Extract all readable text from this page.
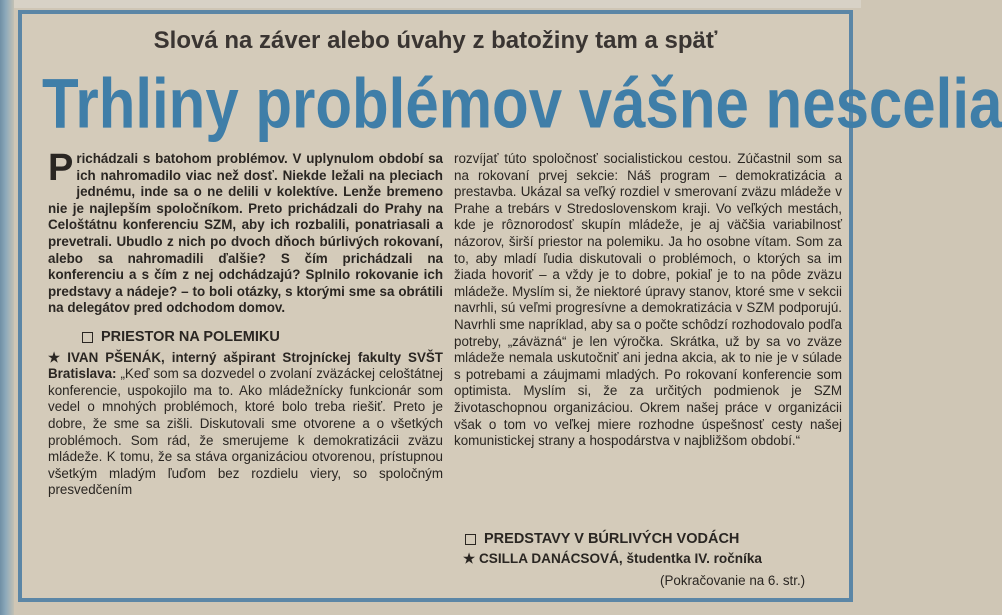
Slová na záver alebo úvahy z batožiny tam a späť
Trhliny problémov vášne nescelia
Prichádzali s batohom problémov. V uplynulom období sa ich nahromadilo viac než dosť. Niekde ležali na pleciach jednému, inde sa o ne delili v kolektíve. Lenže bremeno nie je najlepším spoločníkom. Preto prichádzali do Prahy na Celoštátnu konferenciu SZM, aby ich rozbalili, ponatriasali a prevetrali. Ubudlo z nich po dvoch dňoch búrlivých rokovaní, alebo sa nahromadili ďalšie? S čím prichádzali na konferenciu a s čím z nej odchádzajú? Splnilo rokovanie ich predstavy a nádeje? – to boli otázky, s ktorými sme sa obrátili na delegátov pred odchodom domov.
PRIESTOR NA POLEMIKU
★ IVAN PŠENÁK, interný ašpirant Strojníckej fakulty SVŠT Bratislava: „Keď som sa dozvedel o zvolaní zväzáckej celoštátnej konferencie, uspokojilo ma to. Ako mládežnícky funkcionár som vedel o mnohých problémoch, ktoré bolo treba riešiť. Preto je dobre, že sme sa zišli. Diskutovali sme otvorene a o všetkých problémoch. Som rád, že smerujeme k demokratizácii zväzu mládeže. K tomu, že sa stáva organizáciou otvorenou, prístupnou všetkým mladým ľuďom bez rozdielu viery, so spoločným presvedčením
rozvíjať túto spoločnosť socialistickou cestou. Zúčastnil som sa na rokovaní prvej sekcie: Náš program – demokratizácia a prestavba. Ukázal sa veľký rozdiel v smerovaní zväzu mládeže v Prahe a trebárs v Stredoslovenskom kraji. Vo veľkých mestách, kde je rôznorodosť skupín mládeže, je aj väčšia variabilnosť názorov, širší priestor na polemiku. Ja ho osobne vítam. Som za to, aby mladí ľudia diskutovali o problémoch, o ktorých sa im žiada hovoriť – a vždy je to dobre, pokiaľ je to na pôde zväzu mládeže. Myslím si, že niektoré úpravy stanov, ktoré sme v sekcii navrhli, sú veľmi progresívne a demokratizácia v SZM podporujú. Navrhli sme napríklad, aby sa o počte schôdzí rozhodovalo podľa potreby, „záväzná“ je len výročka. Skrátka, už by sa vo zväze mládeže nemala uskutočniť ani jedna akcia, ak to nie je v súlade s potrebami a záujmami mladých. Po rokovaní konferencie som optimista. Myslím si, že za určitých podmienok je SZM životaschopnou organizáciou. Okrem našej práce v organizácii však o tom vo veľkej miere rozhodne úspešnosť cesty našej komunistickej strany a hospodárstva v najbližšom období.“
PREDSTAVY V BÚRLIVÝCH VODÁCH
★ CSILLA DANÁCSOVÁ, študentka IV. ročníka
(Pokračovanie na 6. str.)
